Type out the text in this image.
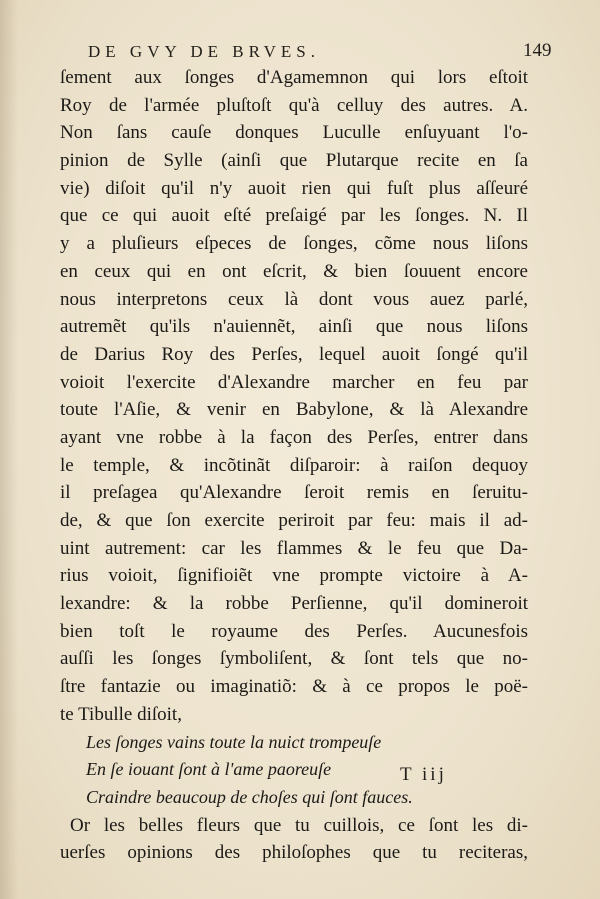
DE GVY DE BRVES.	149
ſement aux ſonges d'Agamemnon qui lors eſtoit
Roy de l'armée pluſtoſt qu'à celluy des autres. A.
Non ſans cauſe donques Luculle enſuyuant l'o-
pinion de Sylle (ainſi que Plutarque recite en ſa
vie) diſoit qu'il n'y auoit rien qui fuſt plus aſſeuré
que ce qui auoit eſté preſaigé par les ſonges. N. Il
y a pluſieurs eſpeces de ſonges, cõme nous liſons
en ceux qui en ont eſcrit, & bien ſouuent encore
nous interpretons ceux là dont vous auez parlé,
autremẽt qu'ils n'auiennẽt, ainſi que nous liſons
de Darius Roy des Perſes, lequel auoit ſongé qu'il
voioit l'exercite d'Alexandre marcher en feu par
toute l'Aſie, & venir en Babylone, & là Alexandre
ayant vne robbe à la façon des Perſes, entrer dans
le temple, & incõtinãt diſparoir: à raiſon dequoy
il preſagea qu'Alexandre ſeroit remis en ſeruitu-
de, & que ſon exercite periroit par feu: mais il ad-
uint autrement: car les flammes & le feu que Da-
rius voioit, ſignifioiẽt vne prompte victoire à A-
lexandre: & la robbe Perſienne, qu'il domineroit
bien toſt le royaume des Perſes. Aucunesfois
auſſi les ſonges ſymboliſent, & ſont tels que no-
ſtre fantazie ou imaginatiõ: & à ce propos le poë-
te Tibulle diſoit,
Les ſonges vains toute la nuict trompeuſe
En ſe iouant ſont à l'ame paoreuſe
Craindre beaucoup de choſes qui ſont fauces.
Or les belles fleurs que tu cuillois, ce ſont les di-
uerſes opinions des philoſophes que tu reciteras,
T iij
